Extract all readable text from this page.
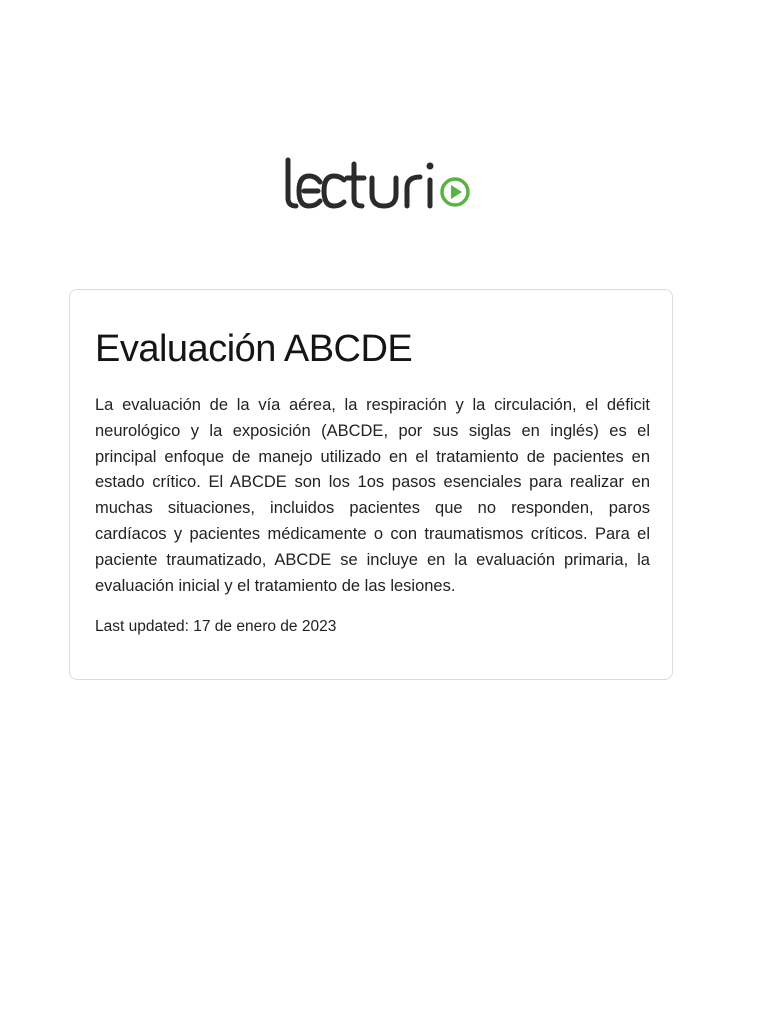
Evaluación ABCDE

La evaluación de la vía aérea, la respiración y la circulación, el déficit neurológico y la exposición (ABCDE, por sus siglas en inglés) es el principal enfoque de manejo utilizado en el tratamiento de pacientes en estado crítico. El ABCDE son los 1os pasos esenciales para realizar en muchas situaciones, incluidos pacientes que no responden, paros cardíacos y pacientes médicamente o con traumatismos críticos. Para el paciente traumatizado, ABCDE se incluye en la evaluación primaria, la evaluación inicial y el tratamiento de las lesiones.

Last updated: 17 de enero de 2023
